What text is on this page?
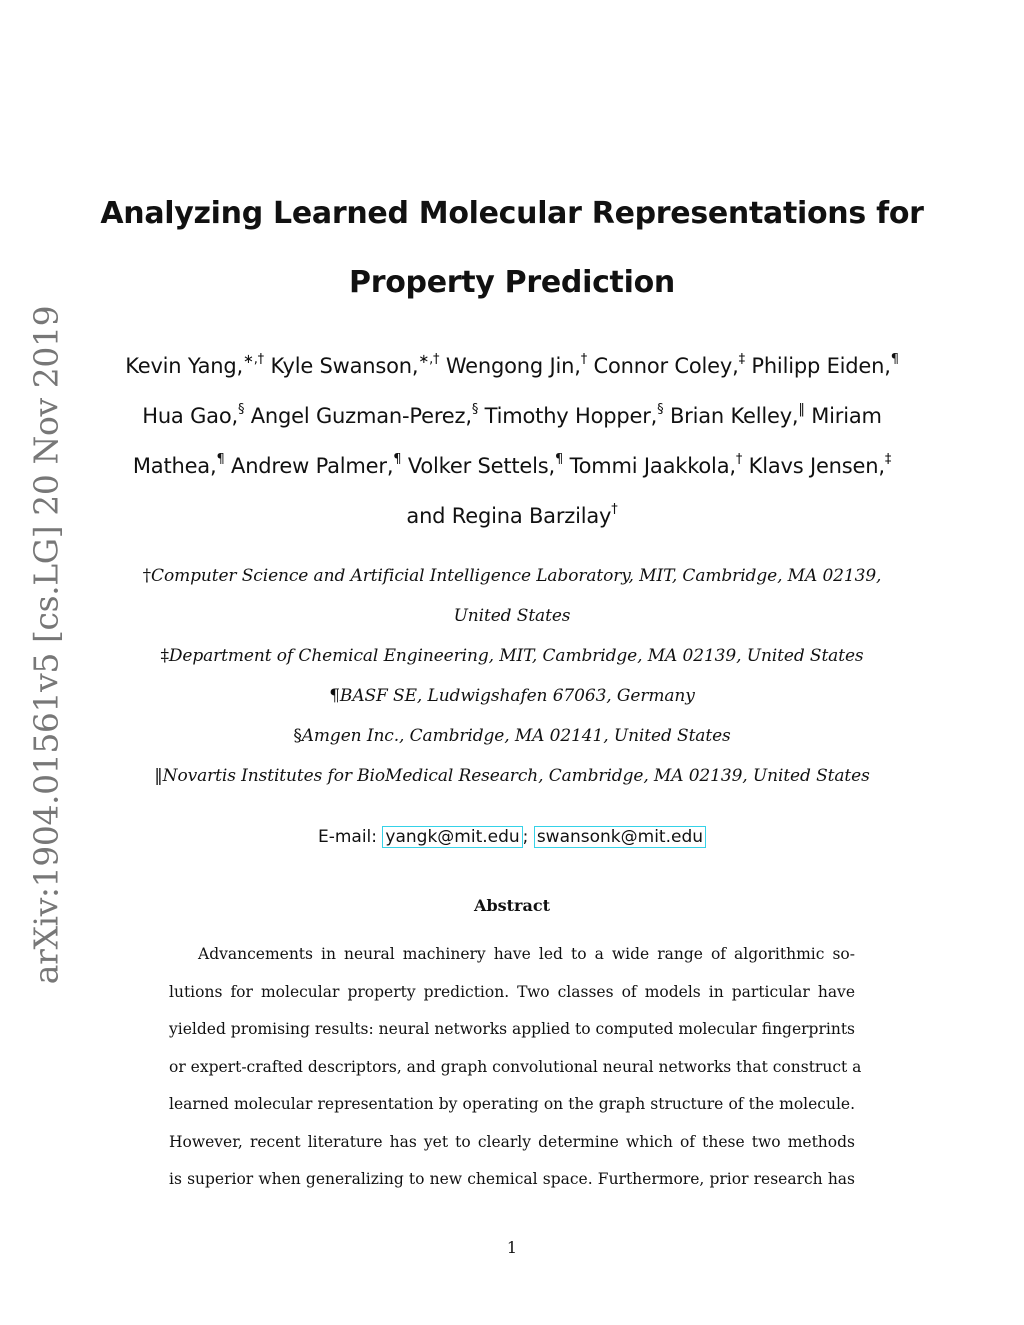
arXiv:1904.01561v5 [cs.LG] 20 Nov 2019
Analyzing Learned Molecular Representations for
Property Prediction
Kevin Yang,∗,† Kyle Swanson,∗,† Wengong Jin,† Connor Coley,‡ Philipp Eiden,¶
Hua Gao,§ Angel Guzman-Perez,§ Timothy Hopper,§ Brian Kelley,‖ Miriam
Mathea,¶ Andrew Palmer,¶ Volker Settels,¶ Tommi Jaakkola,† Klavs Jensen,‡
and Regina Barzilay†
†Computer Science and Artificial Intelligence Laboratory, MIT, Cambridge, MA 02139,
United States
‡Department of Chemical Engineering, MIT, Cambridge, MA 02139, United States
¶BASF SE, Ludwigshafen 67063, Germany
§Amgen Inc., Cambridge, MA 02141, United States
‖Novartis Institutes for BioMedical Research, Cambridge, MA 02139, United States
E-mail: yangk@mit.edu ; swansonk@mit.edu
Abstract
Advancements in neural machinery have led to a wide range of algorithmic so-
lutions for molecular property prediction. Two classes of models in particular have
yielded promising results: neural networks applied to computed molecular fingerprints
or expert-crafted descriptors, and graph convolutional neural networks that construct a
learned molecular representation by operating on the graph structure of the molecule.
However, recent literature has yet to clearly determine which of these two methods
is superior when generalizing to new chemical space. Furthermore, prior research has
1
